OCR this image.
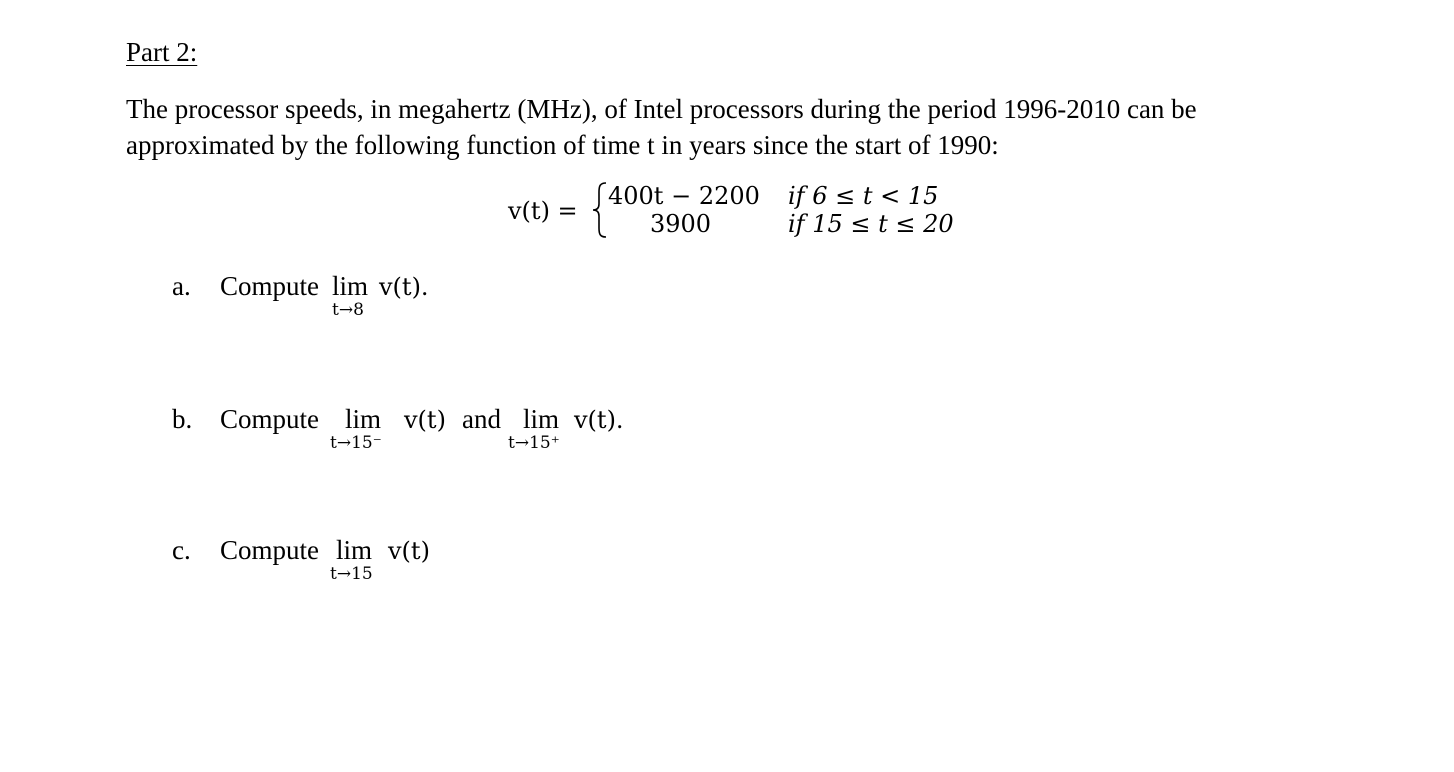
Part 2:
The processor speeds, in megahertz (MHz), of Intel processors during the period 1996-2010 can be
approximated by the following function of time t in years since the start of 1990:
v(t) =
400t − 2200 if 6 ≤ t < 15
3900	if 15 ≤ t ≤ 20
a. Compute lim
t→8
v(t).
b. Compute lim
t→15⁻
v(t) and lim
t→15⁺
v(t).
c. Compute lim
t→15
v(t)
